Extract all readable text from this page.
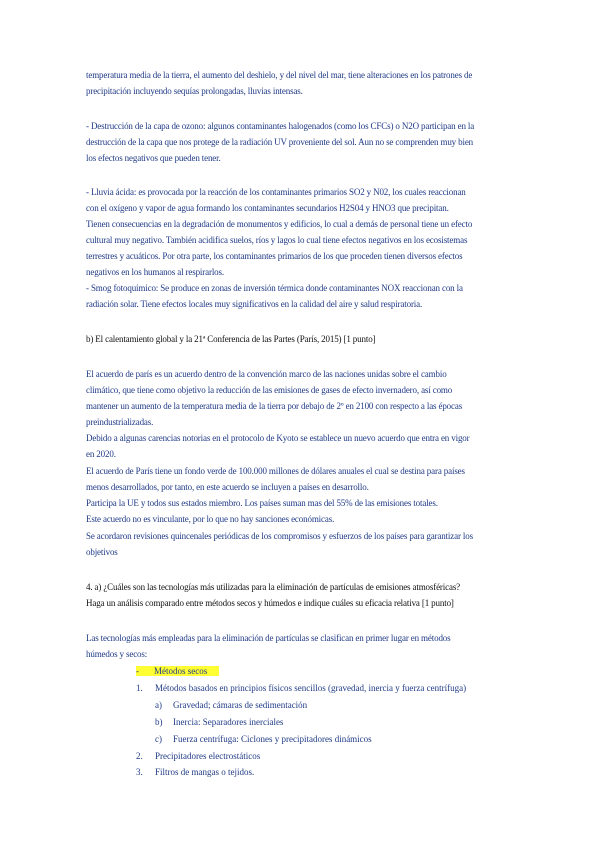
temperatura media de la tierra, el aumento del deshielo, y del nivel del mar, tiene alteraciones en los patrones de
precipitación incluyendo sequías prolongadas, lluvias intensas.
- Destrucción de la capa de ozono: algunos contaminantes halogenados (como los CFCs) o N2O participan en la
destrucción de la capa que nos protege de la radiación UV proveniente del sol. Aun no se comprenden muy bien
los efectos negativos que pueden tener.
- Lluvia ácida: es provocada por la reacción de los contaminantes primarios SO2 y N02, los cuales reaccionan
con el oxígeno y vapor de agua formando los contaminantes secundarios H2S04 y HNO3 que precipitan.
Tienen consecuencias en la degradación de monumentos y edificios, lo cual a demás de personal tiene un efecto
cultural muy negativo. También acidifica suelos, ríos y lagos lo cual tiene efectos negativos en los ecosistemas
terrestres y acuáticos. Por otra parte, los contaminantes primarios de los que proceden tienen diversos efectos
negativos en los humanos al respirarlos.
- Smog fotoquímico: Se produce en zonas de inversión térmica donde contaminantes NOX reaccionan con la
radiación solar. Tiene efectos locales muy significativos en la calidad del aire y salud respiratoria.
b) El calentamiento global y la 21ª Conferencia de las Partes (París, 2015) [1 punto]
El acuerdo de parís es un acuerdo dentro de la convención marco de las naciones unidas sobre el cambio
climático, que tiene como objetivo la reducción de las emisiones de gases de efecto invernadero, así como
mantener un aumento de la temperatura media de la tierra por debajo de 2º en 2100 con respecto a las épocas
preindustrializadas.
Debido a algunas carencias notorias en el protocolo de Kyoto se establece un nuevo acuerdo que entra en vigor
en 2020.
El acuerdo de París tiene un fondo verde de 100.000 millones de dólares anuales el cual se destina para países
menos desarrollados, por tanto, en este acuerdo se incluyen a países en desarrollo.
Participa la UE y todos sus estados miembro. Los países suman mas del 55% de las emisiones totales.
Este acuerdo no es vinculante, por lo que no hay sanciones económicas.
Se acordaron revisiones quincenales periódicas de los compromisos y esfuerzos de los países para garantizar los
objetivos
4. a) ¿Cuáles son las tecnologías más utilizadas para la eliminación de partículas de emisiones atmosféricas?
Haga un análisis comparado entre métodos secos y húmedos e indique cuáles su eficacia relativa [1 punto]
Las tecnologías más empleadas para la eliminación de partículas se clasifican en primer lugar en métodos
húmedos y secos:
- Métodos secos
1. Métodos basados en principios físicos sencillos (gravedad, inercia y fuerza centrífuga)
a) Gravedad; cámaras de sedimentación
b) Inercia: Separadores inerciales
c) Fuerza centrífuga: Ciclones y precipitadores dinámicos
2. Precipitadores electrostáticos
3. Filtros de mangas o tejidos.
